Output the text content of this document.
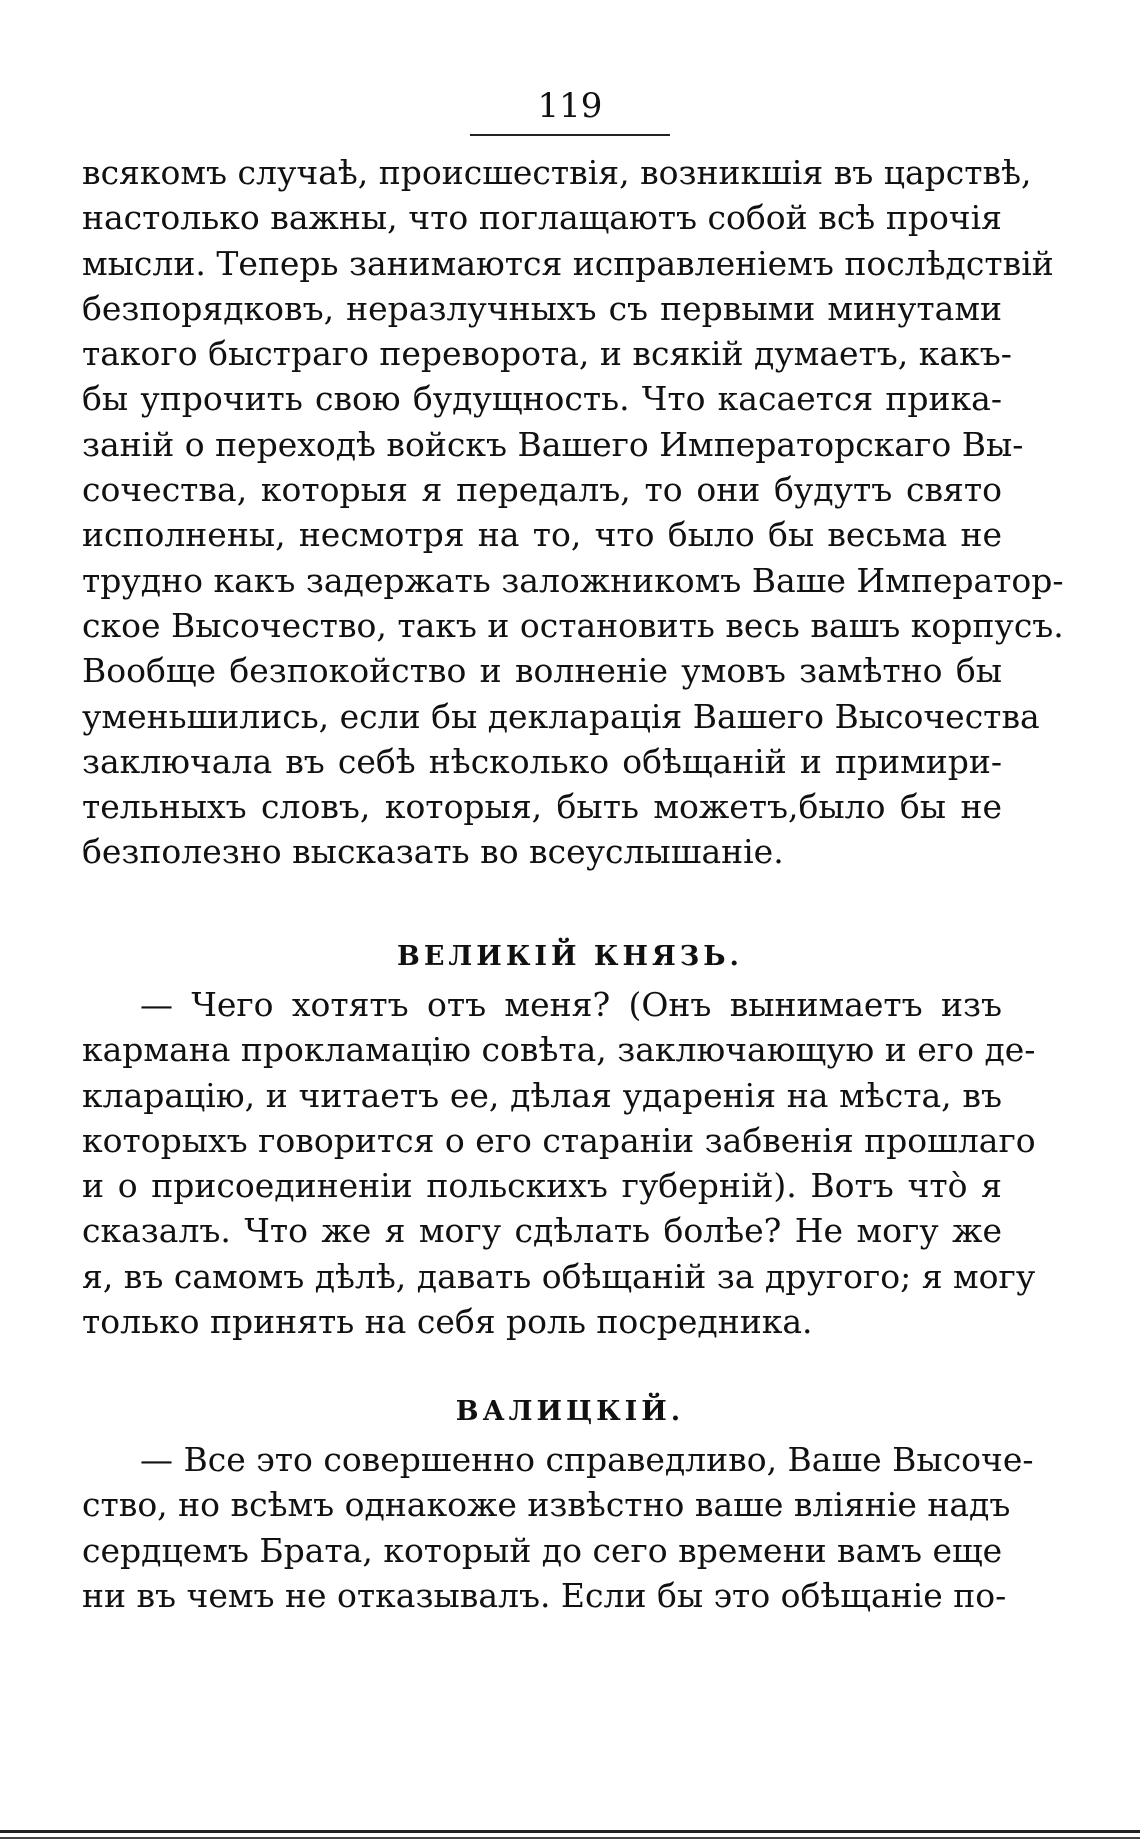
119
всякомъ случаѣ, происшествія, возникшія въ царствѣ,
настолько важны, что поглащаютъ собой всѣ прочія
мысли. Теперь занимаются исправленіемъ послѣдствій
безпорядковъ, неразлучныхъ съ первыми минутами
такого быстраго переворота, и всякій думаетъ, какъ-
бы упрочить свою будущность. Что касается прика-
заній о переходѣ войскъ Вашего Императорскаго Вы-
сочества, которыя я передалъ, то они будутъ свято
исполнены, несмотря на то, что было бы весьма не
трудно какъ задержать заложникомъ Ваше Император-
ское Высочество, такъ и остановить весь вашъ корпусъ.
Вообще безпокойство и волненіе умовъ замѣтно бы
уменьшились, если бы декларація Вашего Высочества
заключала въ себѣ нѣсколько обѣщаній и примири-
тельныхъ словъ, которыя, быть можетъ,было бы не
безполезно высказать во всеуслышаніе.
ВЕЛИКІЙ КНЯЗЬ.
— Чего хотятъ отъ меня? (Онъ вынимаетъ изъ
кармана прокламацію совѣта, заключающую и его де-
кларацію, и читаетъ ее, дѣлая ударенія на мѣста, въ
которыхъ говорится о его стараніи забвенія прошлаго
и о присоединеніи польскихъ губерній). Вотъ что̀ я
сказалъ. Что же я могу сдѣлать болѣе? Не могу же
я, въ самомъ дѣлѣ, давать обѣщаній за другого; я могу
только принять на себя роль посредника.
ВАЛИЦКІЙ.
— Все это совершенно справедливо, Ваше Высоче-
ство, но всѣмъ однакоже извѣстно ваше вліяніе надъ
сердцемъ Брата, который до сего времени вамъ еще
ни въ чемъ не отказывалъ. Если бы это обѣщаніе по-
